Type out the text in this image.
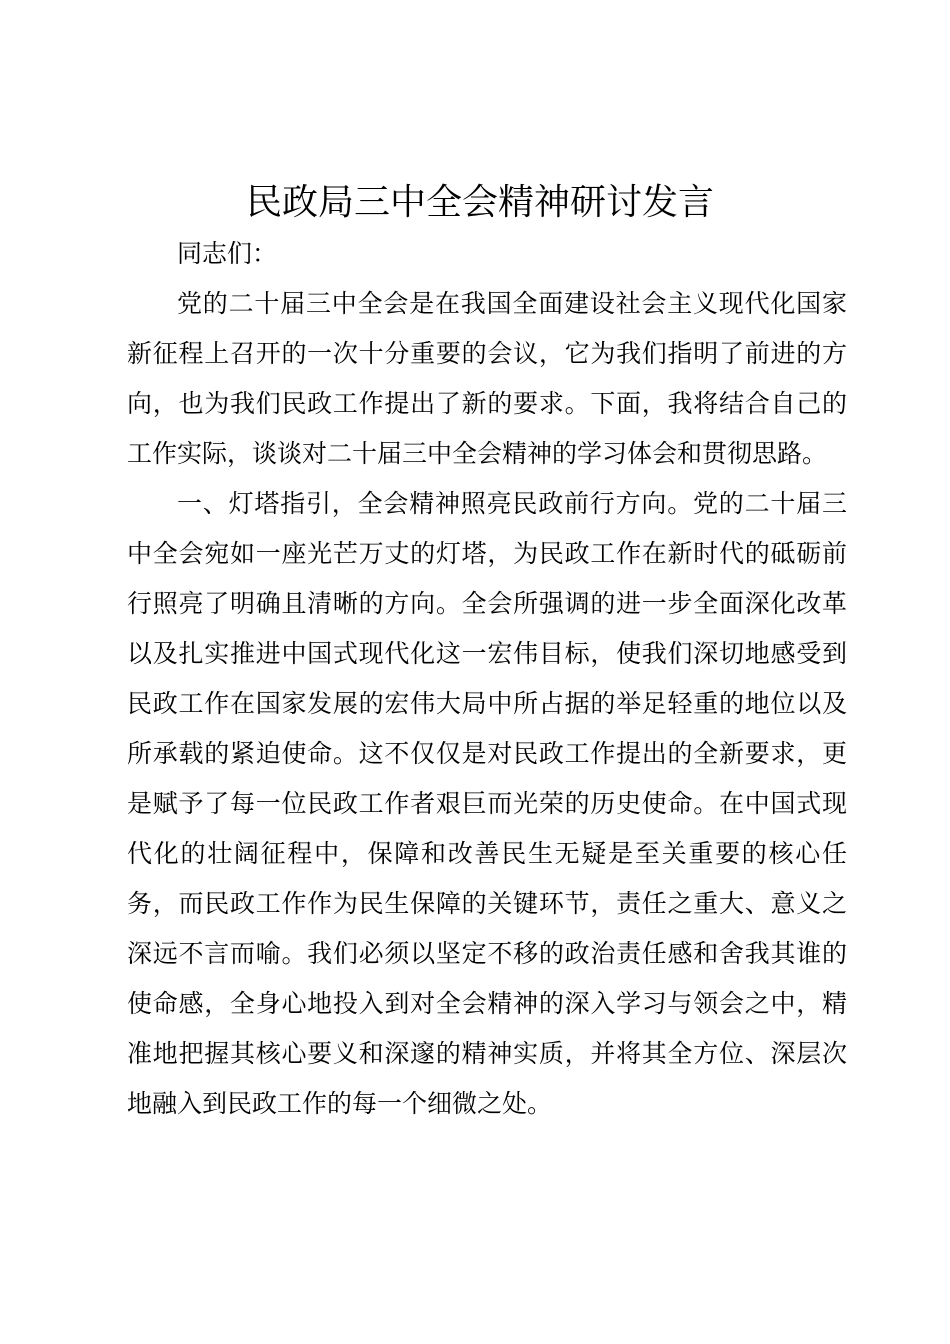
民政局三中全会精神研讨发言

同志们：

党的二十届三中全会是在我国全面建设社会主义现代化国家新征程上召开的一次十分重要的会议，它为我们指明了前进的方向，也为我们民政工作提出了新的要求。下面，我将结合自己的工作实际，谈谈对二十届三中全会精神的学习体会和贯彻思路。

一、灯塔指引，全会精神照亮民政前行方向。党的二十届三中全会宛如一座光芒万丈的灯塔，为民政工作在新时代的砥砺前行照亮了明确且清晰的方向。全会所强调的进一步全面深化改革以及扎实推进中国式现代化这一宏伟目标，使我们深切地感受到民政工作在国家发展的宏伟大局中所占据的举足轻重的地位以及所承载的紧迫使命。这不仅仅是对民政工作提出的全新要求，更是赋予了每一位民政工作者艰巨而光荣的历史使命。在中国式现代化的壮阔征程中，保障和改善民生无疑是至关重要的核心任务，而民政工作作为民生保障的关键环节，责任之重大、意义之深远不言而喻。我们必须以坚定不移的政治责任感和舍我其谁的使命感，全身心地投入到对全会精神的深入学习与领会之中，精准地把握其核心要义和深邃的精神实质，并将其全方位、深层次地融入到民政工作的每一个细微之处。
